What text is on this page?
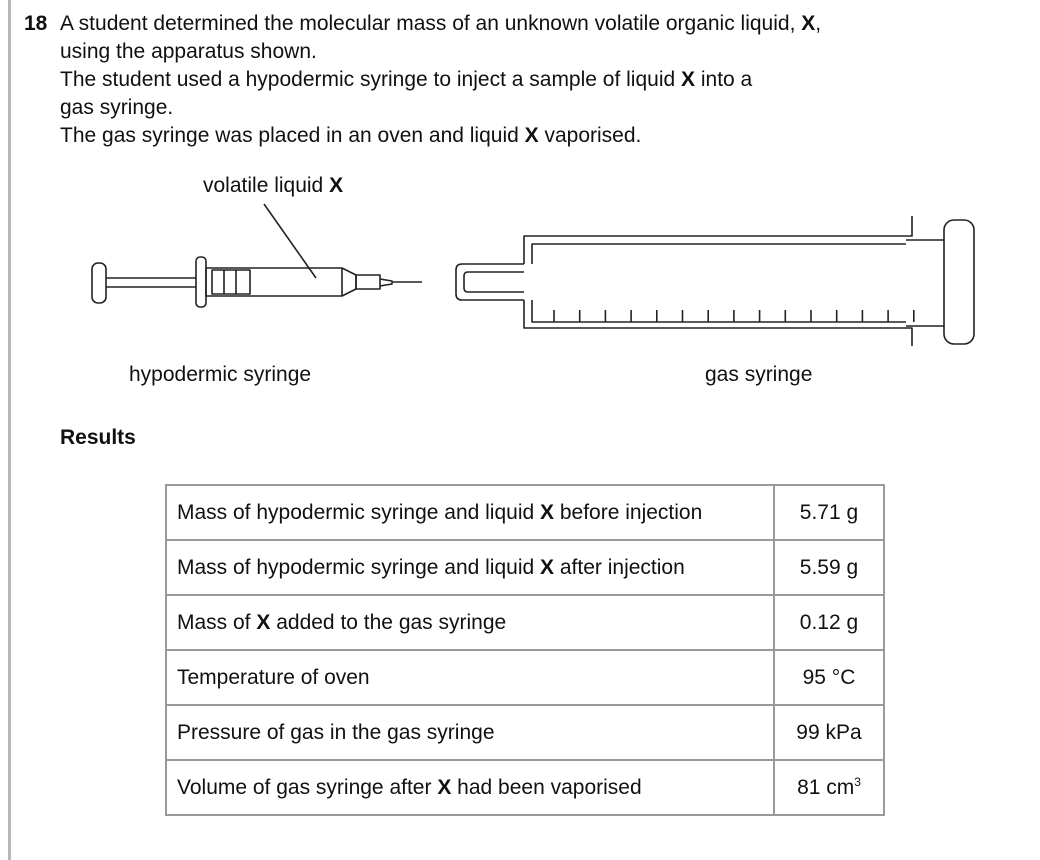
18 A student determined the molecular mass of an unknown volatile organic liquid, X,

using the apparatus shown.

The student used a hypodermic syringe to inject a sample of liquid X into a

gas syringe.

The gas syringe was placed in an oven and liquid X vaporised.

volatile liquid X
hypodermic syringe	gas syringe
Results
Mass of hypodermic syringe and liquid X before injection	5.71 g
Mass of hypodermic syringe and liquid X after injection	5.59 g
Mass of X added to the gas syringe	0.12 g
Temperature of oven	95 °C
Pressure of gas in the gas syringe	99 kPa
Volume of gas syringe after X had been vaporised	81 $cm^3$
